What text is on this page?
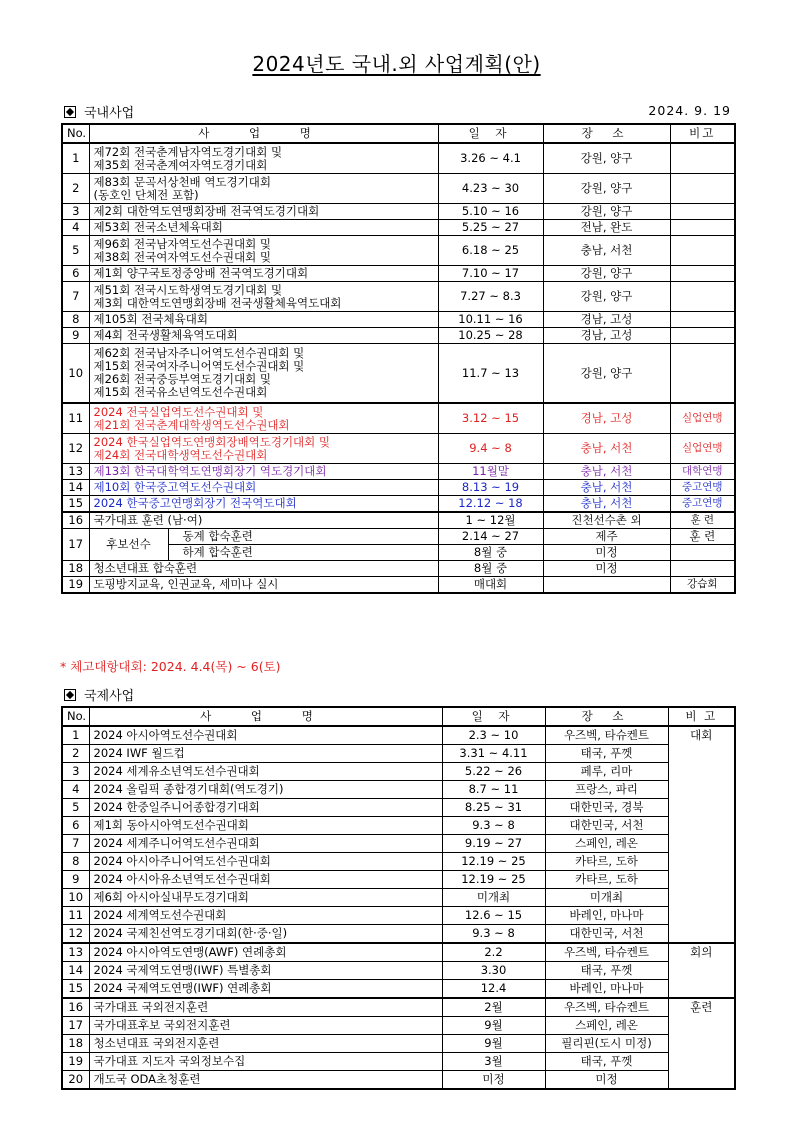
2024년도 국내.외 사업계획(안)
국내사업	2024. 9. 19
No.	사 업 명		일 자	장 소	비고
1	제72회 전국춘계남자역도경기대회 및
제35회 전국춘계여자역도경기대회		3.26 ~ 4.1	강원, 양구	
2	제83회 문곡서상천배 역도경기대회
(동호인 단체전 포함)		4.23 ~ 30	강원, 양구	
3	제2회 대한역도연맹회장배 전국역도경기대회		5.10 ~ 16	강원, 양구	
4	제53회 전국소년체육대회		5.25 ~ 27	전남, 완도	
5	제96회 전국남자역도선수권대회 및
제38회 전국여자역도선수권대회 및		6.18 ~ 25	충남, 서천	
6	제1회 양구국토정중앙배 전국역도경기대회		7.10 ~ 17	강원, 양구	
7	제51회 전국시도학생역도경기대회 및
제3회 대한역도연맹회장배 전국생활체육역도대회		7.27 ~ 8.3	강원, 양구	
8	제105회 전국체육대회		10.11 ~ 16	경남, 고성	
9	제4회 전국생활체육역도대회		10.25 ~ 28	경남, 고성	
10	제62회 전국남자주니어역도선수권대회 및
제15회 전국여자주니어역도선수권대회 및
제26회 전국중등부역도경기대회 및
제15회 전국유소년역도선수권대회		11.7 ~ 13	강원, 양구	
11	2024 전국실업역도선수권대회 및
제21회 전국춘계대학생역도선수권대회		3.12 ~ 15	경남, 고성	실업연맹
12	2024 한국실업역도연맹회장배역도경기대회 및
제24회 전국대학생역도선수권대회		9.4 ~ 8	충남, 서천	실업연맹
13	제13회 한국대학역도연맹회장기 역도경기대회		11월말	충남, 서천	대학연맹
14	제10회 한국중고역도선수권대회		8.13 ~ 19	충남, 서천	중고연맹
15	2024 한국중고연맹회장기 전국역도대회		12.12 ~ 18	충남, 서천	중고연맹
16	국가대표 훈련 (남·여)		1 ~ 12월	진천선수촌 외	훈 련
17	후보선수	동계 합숙훈련	2.14 ~ 27	제주	훈 련
		하계 합숙훈련	8월 중	미정	
18	청소년대표 합숙훈련		8월 중	미정	
19	도핑방지교육, 인권교육, 세미나 실시		매대회		강습회
* 체고대항대회: 2024. 4.4(목) ~ 6(토)
국제사업
No.	사 업 명	일 자	장 소	비 고
1	2024 아시아역도선수권대회	2.3 ~ 10	우즈벡, 타슈켄트	대회
2	2024 IWF 월드컵	3.31 ~ 4.11	태국, 푸껫	
3	2024 세계유소년역도선수권대회	5.22 ~ 26	페루, 리마	
4	2024 올림픽 종합경기대회(역도경기)	8.7 ~ 11	프랑스, 파리	
5	2024 한중일주니어종합경기대회	8.25 ~ 31	대한민국, 경북	
6	제1회 동아시아역도선수권대회	9.3 ~ 8	대한민국, 서천	
7	2024 세계주니어역도선수권대회	9.19 ~ 27	스페인, 레온	
8	2024 아시아주니어역도선수권대회	12.19 ~ 25	카타르, 도하	
9	2024 아시아유소년역도선수권대회	12.19 ~ 25	카타르, 도하	
10	제6회 아시아실내무도경기대회	미개최	미개최	
11	2024 세계역도선수권대회	12.6 ~ 15	바레인, 마나마	
12	2024 국제친선역도경기대회(한·중·일)	9.3 ~ 8	대한민국, 서천	
13	2024 아시아역도연맹(AWF) 연례총회	2.2	우즈벡, 타슈켄트	회의
14	2024 국제역도연맹(IWF) 특별총회	3.30	태국, 푸껫	
15	2024 국제역도연맹(IWF) 연례총회	12.4	바레인, 마나마	
16	국가대표 국외전지훈련	2월	우즈벡, 타슈켄트	훈련
17	국가대표후보 국외전지훈련	9월	스페인, 레온	
18	청소년대표 국외전지훈련	9월	필리핀(도시 미정)	
19	국가대표 지도자 국외정보수집	3월	태국, 푸껫	
20	개도국 ODA초청훈련	미정	미정	
